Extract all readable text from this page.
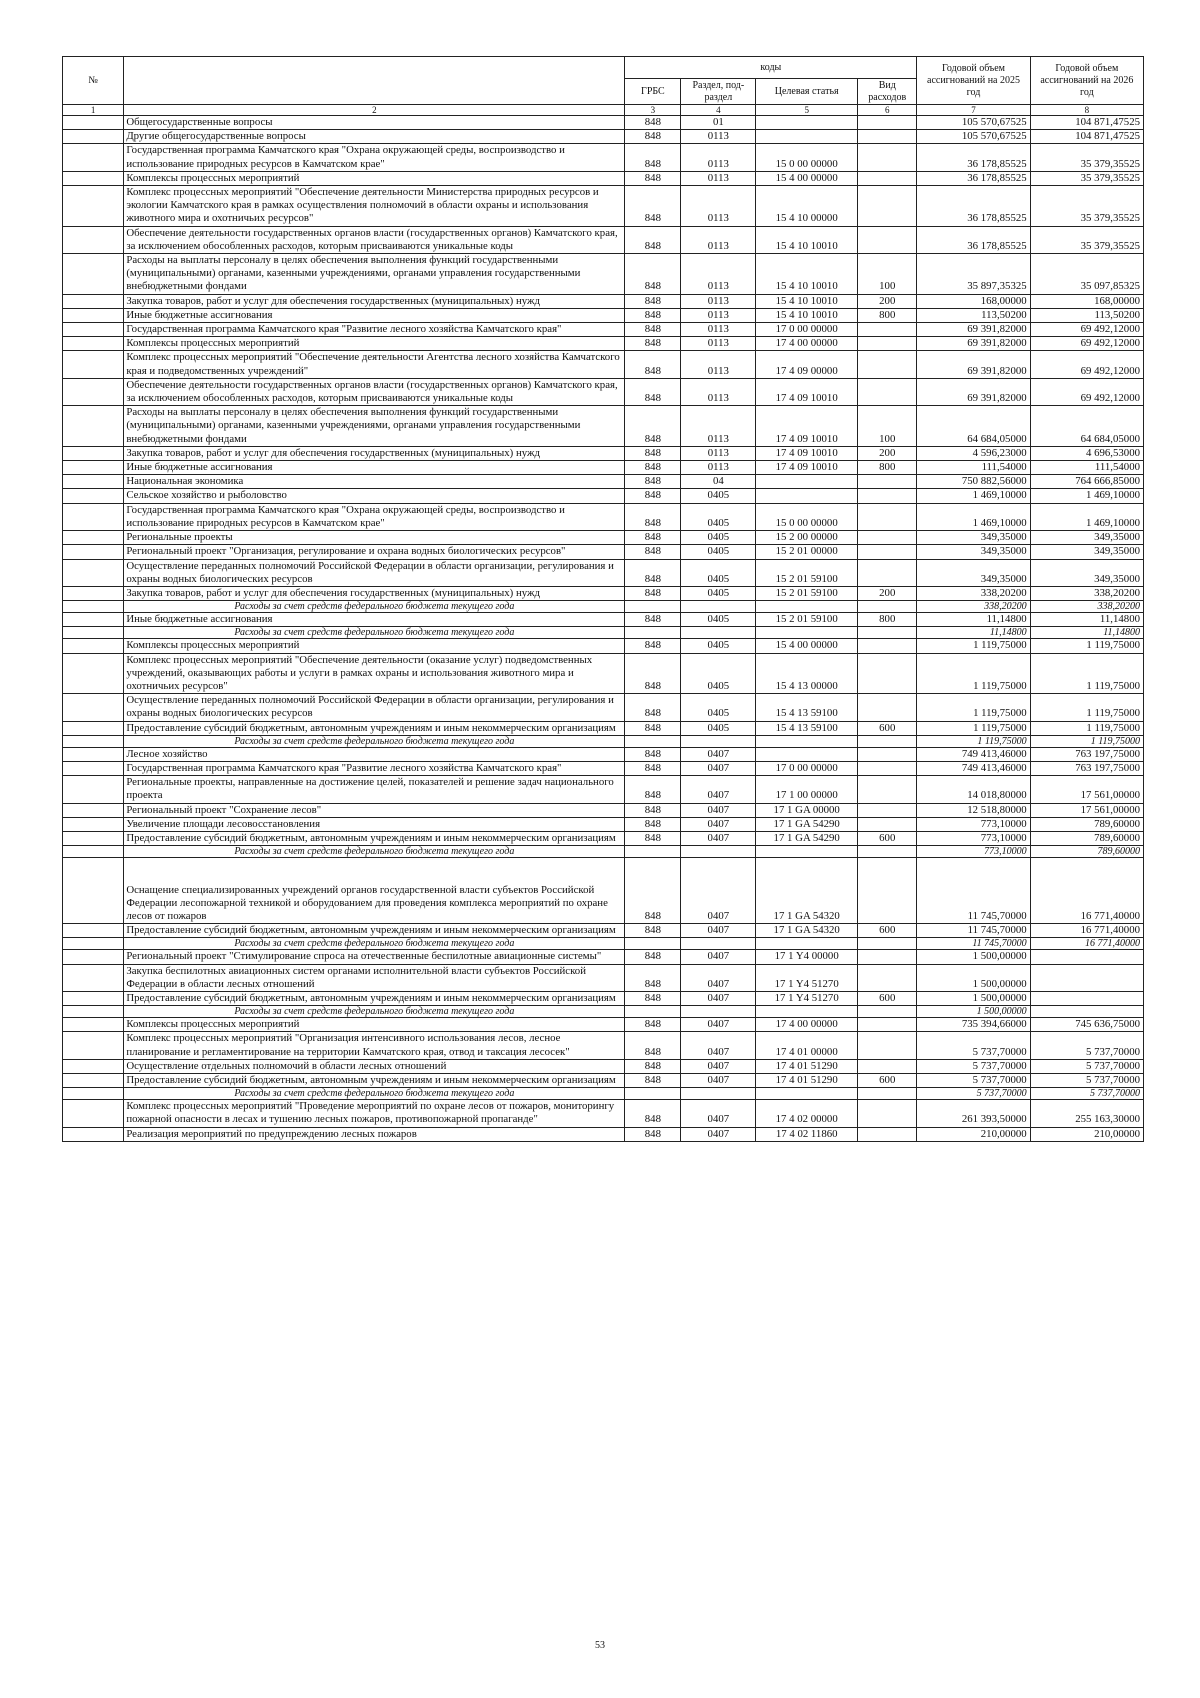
№		коды				Годовой объем ассигнований на 2025 год	Годовой объем ассигнований на 2026 год
		ГРБС	Раздел, под-раздел	Целевая статья	Вид расходов		
1	2	3	4	5	6	7	8
	Общегосударственные вопросы	848	01			105 570,67525	104 871,47525
	Другие общегосударственные вопросы	848	0113			105 570,67525	104 871,47525
	Государственная программа Камчатского края "Охрана окружающей среды, воспроизводство и использование природных ресурсов в Камчатском крае"	848	0113	15 0 00 00000		36 178,85525	35 379,35525
	Комплексы процессных мероприятий	848	0113	15 4 00 00000		36 178,85525	35 379,35525
	Комплекс процессных мероприятий "Обеспечение деятельности Министерства природных ресурсов и экологии Камчатского края в рамках осуществления полномочий в области охраны и использования животного мира и охотничьих ресурсов"	848	0113	15 4 10 00000		36 178,85525	35 379,35525
	Обеспечение деятельности государственных органов власти (государственных органов) Камчатского края, за исключением обособленных расходов, которым присваиваются уникальные коды	848	0113	15 4 10 10010		36 178,85525	35 379,35525
	Расходы на выплаты персоналу в целях обеспечения выполнения функций государственными (муниципальными) органами, казенными учреждениями, органами управления государственными внебюджетными фондами	848	0113	15 4 10 10010	100	35 897,35325	35 097,85325
	Закупка товаров, работ и услуг для обеспечения государственных (муниципальных) нужд	848	0113	15 4 10 10010	200	168,00000	168,00000
	Иные бюджетные ассигнования	848	0113	15 4 10 10010	800	113,50200	113,50200
	Государственная программа Камчатского края "Развитие лесного хозяйства Камчатского края"	848	0113	17 0 00 00000		69 391,82000	69 492,12000
	Комплексы процессных мероприятий	848	0113	17 4 00 00000		69 391,82000	69 492,12000
	Комплекс процессных мероприятий "Обеспечение деятельности Агентства лесного хозяйства Камчатского края и подведомственных учреждений"	848	0113	17 4 09 00000		69 391,82000	69 492,12000
	Обеспечение деятельности государственных органов власти (государственных органов) Камчатского края, за исключением обособленных расходов, которым присваиваются уникальные коды	848	0113	17 4 09 10010		69 391,82000	69 492,12000
	Расходы на выплаты персоналу в целях обеспечения выполнения функций государственными (муниципальными) органами, казенными учреждениями, органами управления государственными внебюджетными фондами	848	0113	17 4 09 10010	100	64 684,05000	64 684,05000
	Закупка товаров, работ и услуг для обеспечения государственных (муниципальных) нужд	848	0113	17 4 09 10010	200	4 596,23000	4 696,53000
	Иные бюджетные ассигнования	848	0113	17 4 09 10010	800	111,54000	111,54000
	Национальная экономика	848	04			750 882,56000	764 666,85000
	Сельское хозяйство и рыболовство	848	0405			1 469,10000	1 469,10000
	Государственная программа Камчатского края "Охрана окружающей среды, воспроизводство и использование природных ресурсов в Камчатском крае"	848	0405	15 0 00 00000		1 469,10000	1 469,10000
	Региональные проекты	848	0405	15 2 00 00000		349,35000	349,35000
	Региональный проект "Организация, регулирование и охрана водных биологических ресурсов"	848	0405	15 2 01 00000		349,35000	349,35000
	Осуществление переданных полномочий Российской Федерации в области организации, регулирования и охраны водных биологических ресурсов	848	0405	15 2 01 59100		349,35000	349,35000
	Закупка товаров, работ и услуг для обеспечения государственных (муниципальных) нужд	848	0405	15 2 01 59100	200	338,20200	338,20200
	Расходы за счет средств федерального бюджета текущего года					338,20200	338,20200
	Иные бюджетные ассигнования	848	0405	15 2 01 59100	800	11,14800	11,14800
	Расходы за счет средств федерального бюджета текущего года					11,14800	11,14800
	Комплексы процессных мероприятий	848	0405	15 4 00 00000		1 119,75000	1 119,75000
	Комплекс процессных мероприятий "Обеспечение деятельности (оказание услуг) подведомственных учреждений, оказывающих работы и услуги в рамках охраны и использования животного мира и охотничьих ресурсов"	848	0405	15 4 13 00000		1 119,75000	1 119,75000
	Осуществление переданных полномочий Российской Федерации в области организации, регулирования и охраны водных биологических ресурсов	848	0405	15 4 13 59100		1 119,75000	1 119,75000
	Предоставление субсидий бюджетным, автономным учреждениям и иным некоммерческим организациям	848	0405	15 4 13 59100	600	1 119,75000	1 119,75000
	Расходы за счет средств федерального бюджета текущего года					1 119,75000	1 119,75000
	Лесное хозяйство	848	0407			749 413,46000	763 197,75000
	Государственная программа Камчатского края "Развитие лесного хозяйства Камчатского края"	848	0407	17 0 00 00000		749 413,46000	763 197,75000
	Региональные проекты, направленные на достижение целей, показателей и решение задач национального проекта	848	0407	17 1 00 00000		14 018,80000	17 561,00000
	Региональный проект "Сохранение лесов"	848	0407	17 1 GA 00000		12 518,80000	17 561,00000
	Увеличение площади лесовосстановления	848	0407	17 1 GA 54290		773,10000	789,60000
	Предоставление субсидий бюджетным, автономным учреждениям и иным некоммерческим организациям	848	0407	17 1 GA 54290	600	773,10000	789,60000
	Расходы за счет средств федерального бюджета текущего года					773,10000	789,60000
	Оснащение специализированных учреждений органов государственной власти субъектов Российской Федерации лесопожарной техникой и оборудованием для проведения комплекса мероприятий по охране лесов от пожаров	848	0407	17 1 GA 54320		11 745,70000	16 771,40000
	Предоставление субсидий бюджетным, автономным учреждениям и иным некоммерческим организациям	848	0407	17 1 GA 54320	600	11 745,70000	16 771,40000
	Расходы за счет средств федерального бюджета текущего года					11 745,70000	16 771,40000
	Региональный проект "Стимулирование спроса на отечественные беспилотные авиационные системы"	848	0407	17 1 Y4 00000		1 500,00000	
	Закупка беспилотных авиационных систем органами исполнительной власти субъектов Российской Федерации в области лесных отношений	848	0407	17 1 Y4 51270		1 500,00000	
	Предоставление субсидий бюджетным, автономным учреждениям и иным некоммерческим организациям	848	0407	17 1 Y4 51270	600	1 500,00000	
	Расходы за счет средств федерального бюджета текущего года					1 500,00000	
	Комплексы процессных мероприятий	848	0407	17 4 00 00000		735 394,66000	745 636,75000
	Комплекс процессных мероприятий "Организация интенсивного использования лесов, лесное планирование и регламентирование на территории Камчатского края, отвод и таксация лесосек"	848	0407	17 4 01 00000		5 737,70000	5 737,70000
	Осуществление отдельных полномочий в области лесных отношений	848	0407	17 4 01 51290		5 737,70000	5 737,70000
	Предоставление субсидий бюджетным, автономным учреждениям и иным некоммерческим организациям	848	0407	17 4 01 51290	600	5 737,70000	5 737,70000
	Расходы за счет средств федерального бюджета текущего года					5 737,70000	5 737,70000
	Комплекс процессных мероприятий "Проведение мероприятий по охране лесов от пожаров, мониторингу пожарной опасности в лесах и тушению лесных пожаров, противопожарной пропаганде"	848	0407	17 4 02 00000		261 393,50000	255 163,30000
	Реализация мероприятий по предупреждению лесных пожаров	848	0407	17 4 02 11860		210,00000	210,00000
53
